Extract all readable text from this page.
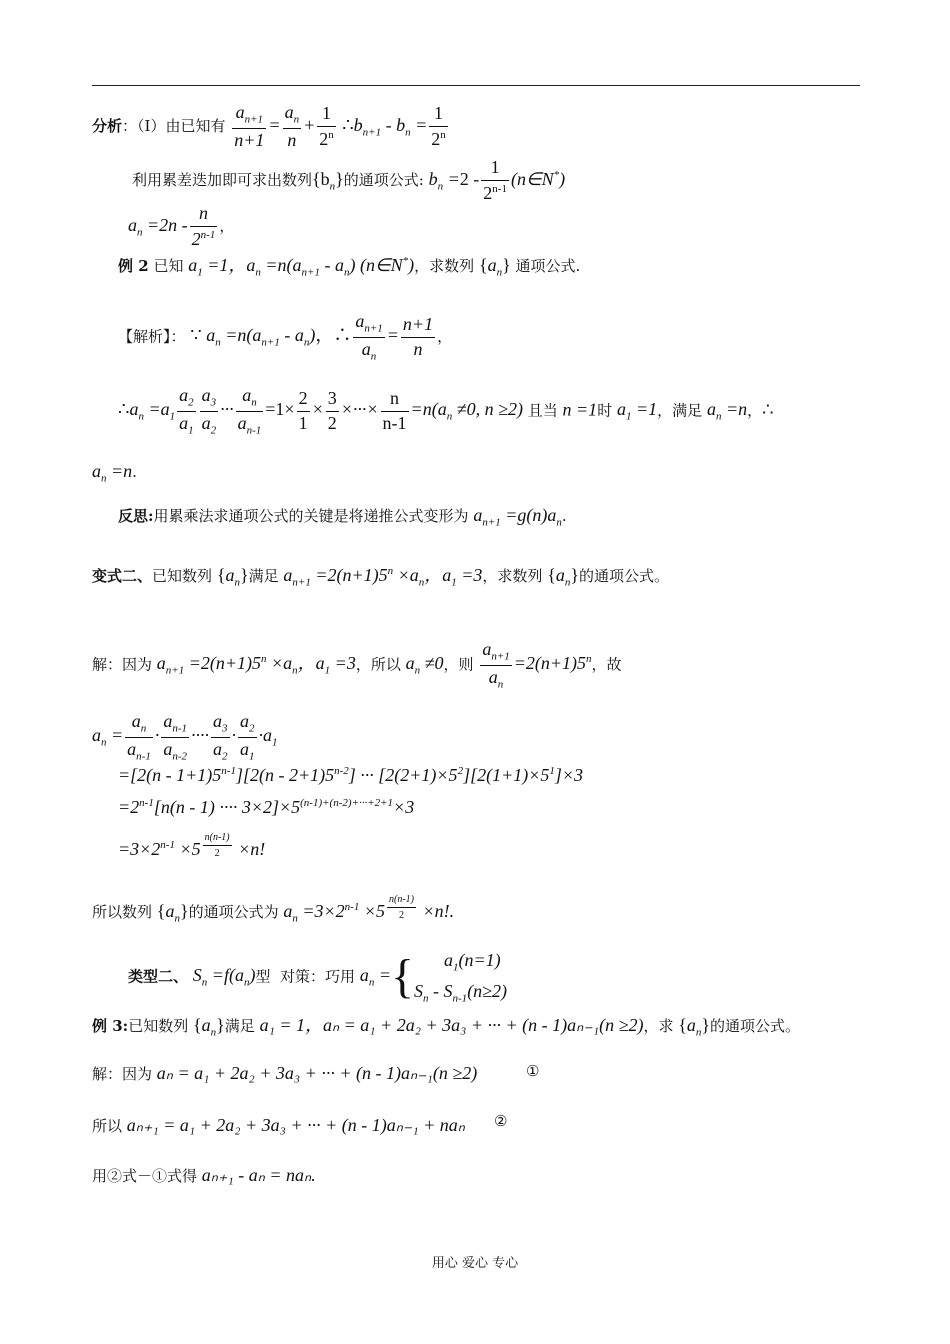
分析：（I）由已知有 $\frac{a_{n+1}}{n+1} = \frac{a_n}{n} + \frac{1}{2^n}$ $\therefore b_{n+1} - b_n = \frac{1}{2^n}$
利用累差迭加即可求出数列$\{b_n\}$的通项公式: $b_n =2 - \frac{1}{2^{n-1}}$ (n∈N*)
$a_n =2n - \frac{n}{2^{n-1}}$ ，
例 2 已知 $a_1 =1$，$a_n =n(a_{n+1} - a_n)$ (n∈N*)，求数列 $\{a_n\}$ 通项公式.
【解析】： ∵ $a_n =n(a_{n+1} - a_n)$，∴ $\frac{a_{n+1}}{a_n} = \frac{n+1}{n}$ ，
$\therefore a_n =a_1 \frac{a_2}{a_1} \frac{a_3}{a_2}$ ··· $\frac{a_n}{a_{n-1}} =1\times \frac{2}{1} \times \frac{3}{2}$ ×···× $\frac{n}{n-1} =n(a_n \ne 0$, n ≥2) 且当 n =1时 $a_1 =1$，满足 $a_n =n$，∴
$a_n =n$.
反思:用累乘法求通项公式的关键是将递推公式变形为 $a_{n+1} =g(n)a_n$.
变式二、已知数列 $\{a_n\}$满足 $a_{n+1} =2(n+1)5^n \times a_n$，$a_1 =3$，求数列 $\{a_n\}$的通项公式。
解：因为 $a_{n+1} =2(n+1)5^n \times a_n$，$a_1 =3$，所以 $a_n \ne 0$，则 $\frac{a_{n+1}}{a_n} =2(n+1)5^n$，故
$a_n = \frac{a_n}{a_{n-1}} \cdot \frac{a_{n-1}}{a_{n-2}}$ ···· $\frac{a_3}{a_2} \cdot \frac{a_2}{a_1} \cdot a_1$
$=[2(n - 1+1)5^{n-1}][2(n - 2+1)5^{n-2}]$ ··· $[2(2+1)\times 5^2][2(1+1)\times 5^1]\times 3$
$=2^{n-1}[n(n - 1)$ ···· $3\times 2]\times 5^{(n-1)+(n-2)+\cdot\cdot\cdot+2+1}\times 3$
$=3\times 2^{n-1} \times 5$ $^{\frac{n(n-1)}{2}}$ ×n!
所以数列 $\{a_n\}$的通项公式为 $a_n =3\times 2^{n-1} \times 5$ $^{\frac{n(n-1)}{2}}$ ×n!.
类型二、 $S_n =f(a_n)$型 对策：巧用 $a_n$ ={ $a_1(n=1)$
$S_n - S_{n-1}(n\ge 2)$
例 3:已知数列 $\{a_n\}$满足 a₁ = 1，aₙ = a₁ + 2a₂ + 3a₃ + ··· + (n - 1)aₙ₋₁(n ≥2)，求 $\{a_n\}$的通项公式。
解：因为 aₙ = a₁ + 2a₂ + 3a₃ + ··· + (n - 1)aₙ₋₁(n ≥2)	①
所以 aₙ₊₁ = a₁ + 2a₂ + 3a₃ + ··· + (n - 1)aₙ₋₁ + naₙ ②
用②式－①式得 aₙ₊₁ - aₙ = naₙ.
用心 爱心 专心
